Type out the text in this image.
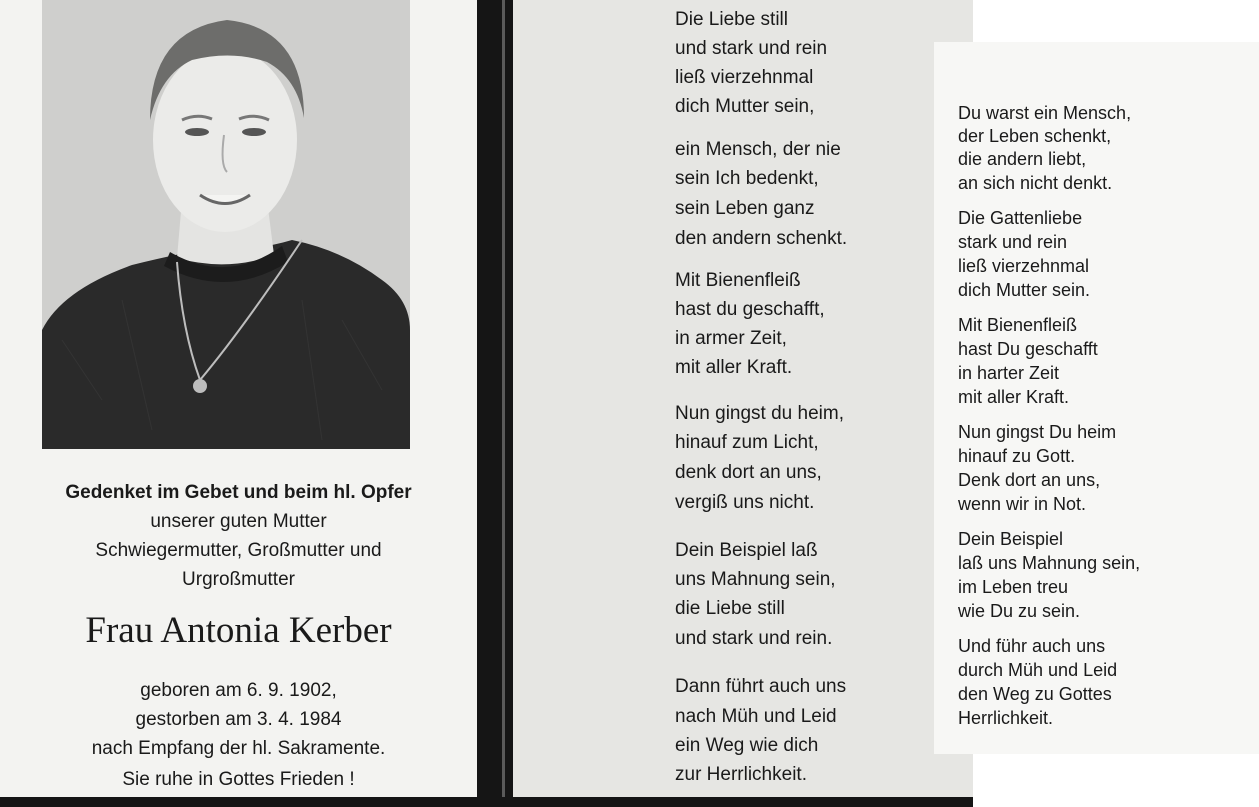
Gedenket im Gebet und beim hl. Opfer
unserer guten Mutter
Schwiegermutter, Großmutter und
Urgroßmutter
Frau Antonia Kerber
geboren am 6. 9. 1902,
gestorben am 3. 4. 1984
nach Empfang der hl. Sakramente.
Sie ruhe in Gottes Frieden !
Die Liebe still
und stark und rein
ließ vierzehnmal
dich Mutter sein,
ein Mensch, der nie
sein Ich bedenkt,
sein Leben ganz
den andern schenkt.
Mit Bienenfleiß
hast du geschafft,
in armer Zeit,
mit aller Kraft.
Nun gingst du heim,
hinauf zum Licht,
denk dort an uns,
vergiß uns nicht.
Dein Beispiel laß
uns Mahnung sein,
die Liebe still
und stark und rein.
Dann führt auch uns
nach Müh und Leid
ein Weg wie dich
zur Herrlichkeit.
Du warst ein Mensch,
der Leben schenkt,
die andern liebt,
an sich nicht denkt.
Die Gattenliebe
stark und rein
ließ vierzehnmal
dich Mutter sein.
Mit Bienenfleiß
hast Du geschafft
in harter Zeit
mit aller Kraft.
Nun gingst Du heim
hinauf zu Gott.
Denk dort an uns,
wenn wir in Not.
Dein Beispiel
laß uns Mahnung sein,
im Leben treu
wie Du zu sein.
Und führ auch uns
durch Müh und Leid
den Weg zu Gottes
Herrlichkeit.
